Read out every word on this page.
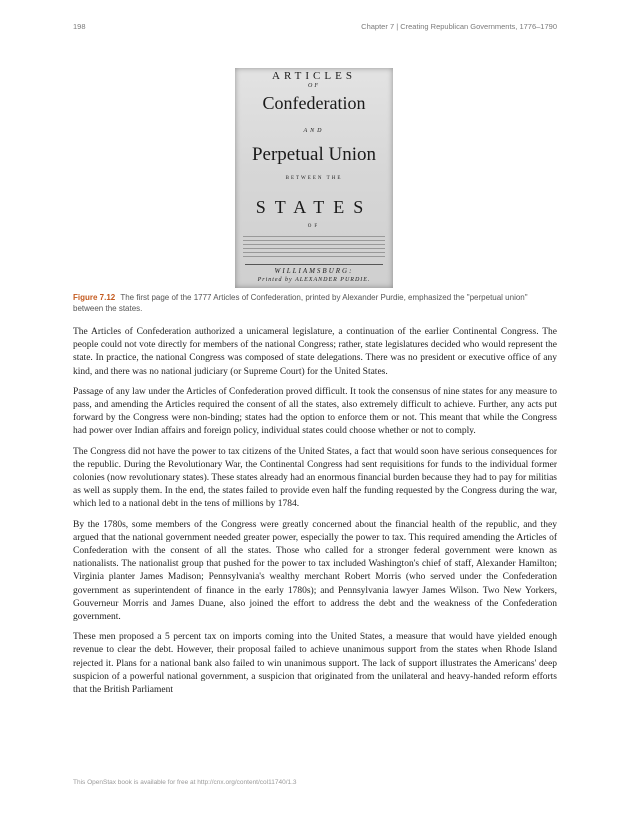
198	Chapter 7 | Creating Republican Governments, 1776–1790
ARTICLES
OF
Confederation
AND
Perpetual Union
BETWEEN THE
STATES
OF
WILLIAMSBURG:
Printed by ALEXANDER PURDIE.
Figure 7.12 The first page of the 1777 Articles of Confederation, printed by Alexander Purdie, emphasized the "perpetual union" between the states.

The Articles of Confederation authorized a unicameral legislature, a continuation of the earlier Continental Congress. The people could not vote directly for members of the national Congress; rather, state legislatures decided who would represent the state. In practice, the national Congress was composed of state delegations. There was no president or executive office of any kind, and there was no national judiciary (or Supreme Court) for the United States.

Passage of any law under the Articles of Confederation proved difficult. It took the consensus of nine states for any measure to pass, and amending the Articles required the consent of all the states, also extremely difficult to achieve. Further, any acts put forward by the Congress were non-binding; states had the option to enforce them or not. This meant that while the Congress had power over Indian affairs and foreign policy, individual states could choose whether or not to comply.

The Congress did not have the power to tax citizens of the United States, a fact that would soon have serious consequences for the republic. During the Revolutionary War, the Continental Congress had sent requisitions for funds to the individual former colonies (now revolutionary states). These states already had an enormous financial burden because they had to pay for militias as well as supply them. In the end, the states failed to provide even half the funding requested by the Congress during the war, which led to a national debt in the tens of millions by 1784.

By the 1780s, some members of the Congress were greatly concerned about the financial health of the republic, and they argued that the national government needed greater power, especially the power to tax. This required amending the Articles of Confederation with the consent of all the states. Those who called for a stronger federal government were known as nationalists. The nationalist group that pushed for the power to tax included Washington's chief of staff, Alexander Hamilton; Virginia planter James Madison; Pennsylvania's wealthy merchant Robert Morris (who served under the Confederation government as superintendent of finance in the early 1780s); and Pennsylvania lawyer James Wilson. Two New Yorkers, Gouverneur Morris and James Duane, also joined the effort to address the debt and the weakness of the Confederation government.

These men proposed a 5 percent tax on imports coming into the United States, a measure that would have yielded enough revenue to clear the debt. However, their proposal failed to achieve unanimous support from the states when Rhode Island rejected it. Plans for a national bank also failed to win unanimous support. The lack of support illustrates the Americans' deep suspicion of a powerful national government, a suspicion that originated from the unilateral and heavy-handed reform efforts that the British Parliament

This OpenStax book is available for free at http://cnx.org/content/col11740/1.3
